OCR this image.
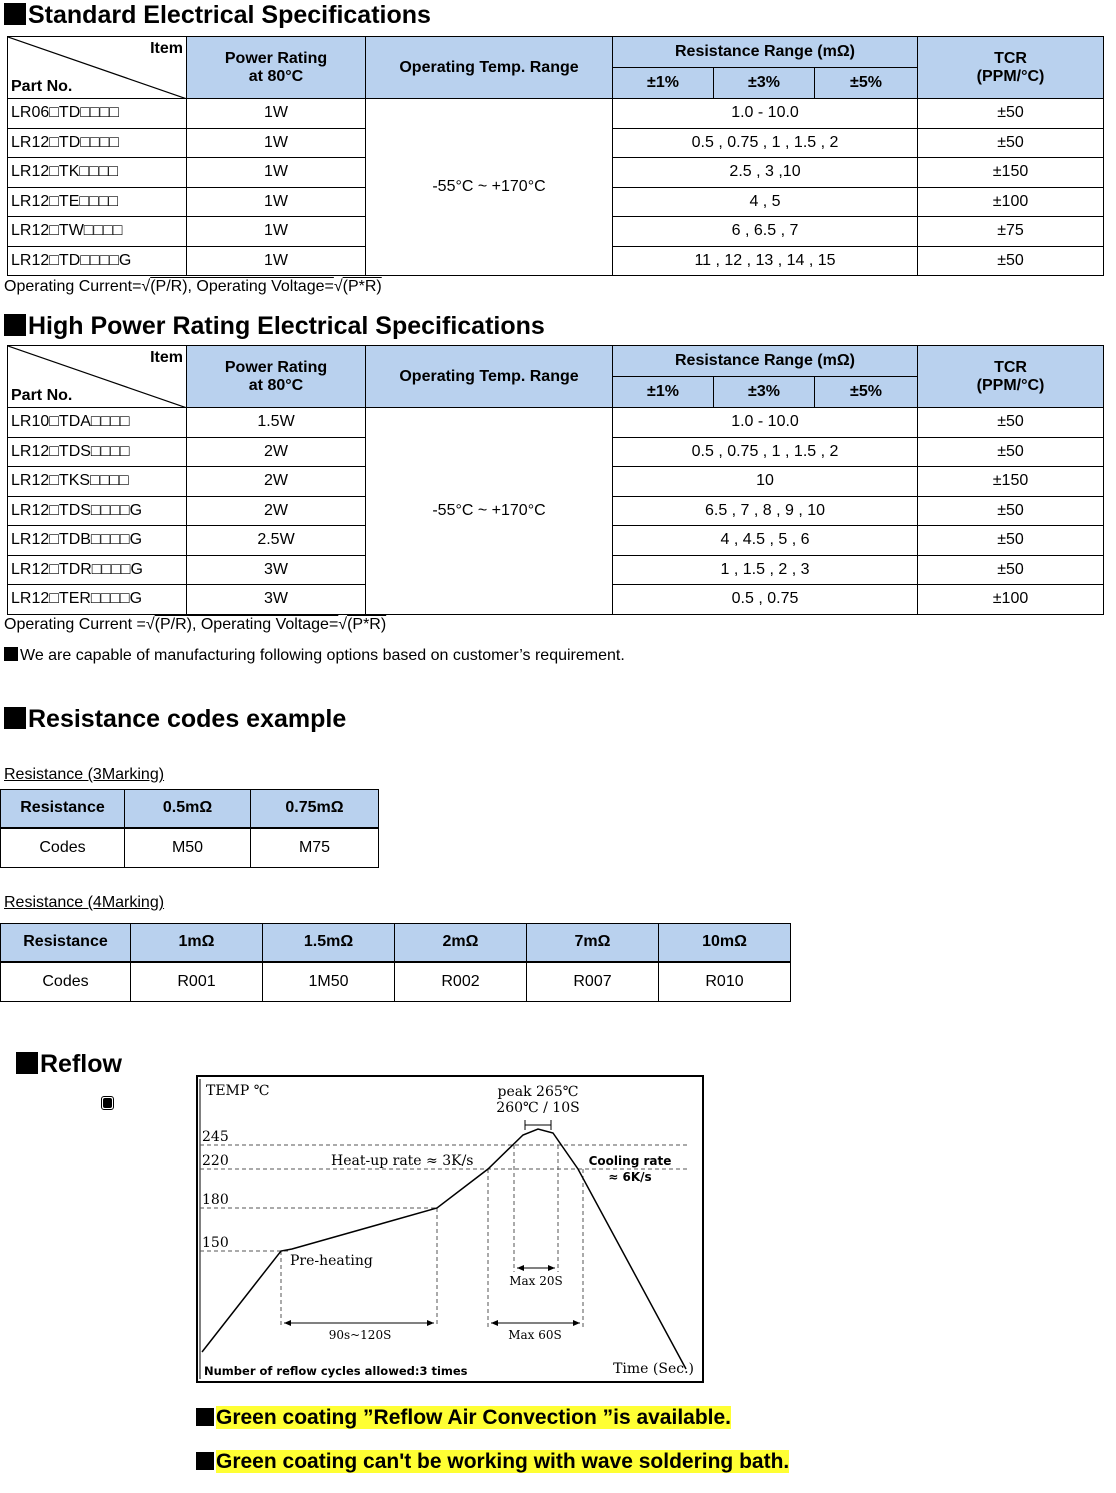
Standard Electrical Specifications
Item
Part No.	Power Rating
at 80°C	Operating Temp. Range	Resistance Range (mΩ)			TCR
(PPM/°C)
			±1%	±3%	±5%	
LR06□TD□□□□	1W	-55°C ~ +170°C	1.0 - 10.0			±50
LR12□TD□□□□	1W		0.5 , 0.75 , 1 , 1.5 , 2			±50
LR12□TK□□□□	1W		2.5 , 3 ,10			±150
LR12□TE□□□□	1W		4 , 5			±100
LR12□TW□□□□	1W		6 , 6.5 , 7			±75
LR12□TD□□□□G	1W		11 , 12 , 13 , 14 , 15			±50
Operating Current=√(P/R), Operating Voltage=√(P*R)
High Power Rating Electrical Specifications
Item
Part No.	Power Rating
at 80°C	Operating Temp. Range	Resistance Range (mΩ)			TCR
(PPM/°C)
			±1%	±3%	±5%	
LR10□TDA□□□□	1.5W	-55°C ~ +170°C	1.0 - 10.0			±50
LR12□TDS□□□□	2W		0.5 , 0.75 , 1 , 1.5 , 2			±50
LR12□TKS□□□□	2W		10			±150
LR12□TDS□□□□G	2W		6.5 , 7 , 8 , 9 , 10			±50
LR12□TDB□□□□G	2.5W		4 , 4.5 , 5 , 6			±50
LR12□TDR□□□□G	3W		1 , 1.5 , 2 , 3			±50
LR12□TER□□□□G	3W		0.5 , 0.75			±100
Operating Current =√(P/R), Operating Voltage=√(P*R)
We are capable of manufacturing following options based on customer’s requirement.
Resistance codes example
Resistance (3Marking)
Resistance	0.5mΩ	0.75mΩ
Codes	M50	M75
Resistance (4Marking)
Resistance	1mΩ	1.5mΩ	2mΩ	7mΩ	10mΩ
Codes	R001	1M50	R002	R007	R010
Reflow
TEMP ℃
245
220
180
150
peak 265℃
260℃ / 10S
Heat-up rate ≈ 3K/s	Cooling rate
≈ 6K/s
Pre-heating
90s~120S
Max 20S
Max 60S
Number of reflow cycles allowed:3 times	Time (Sec.)
Green coating ”Reflow Air Convection ”is available.
Green coating can't be working with wave soldering bath.
